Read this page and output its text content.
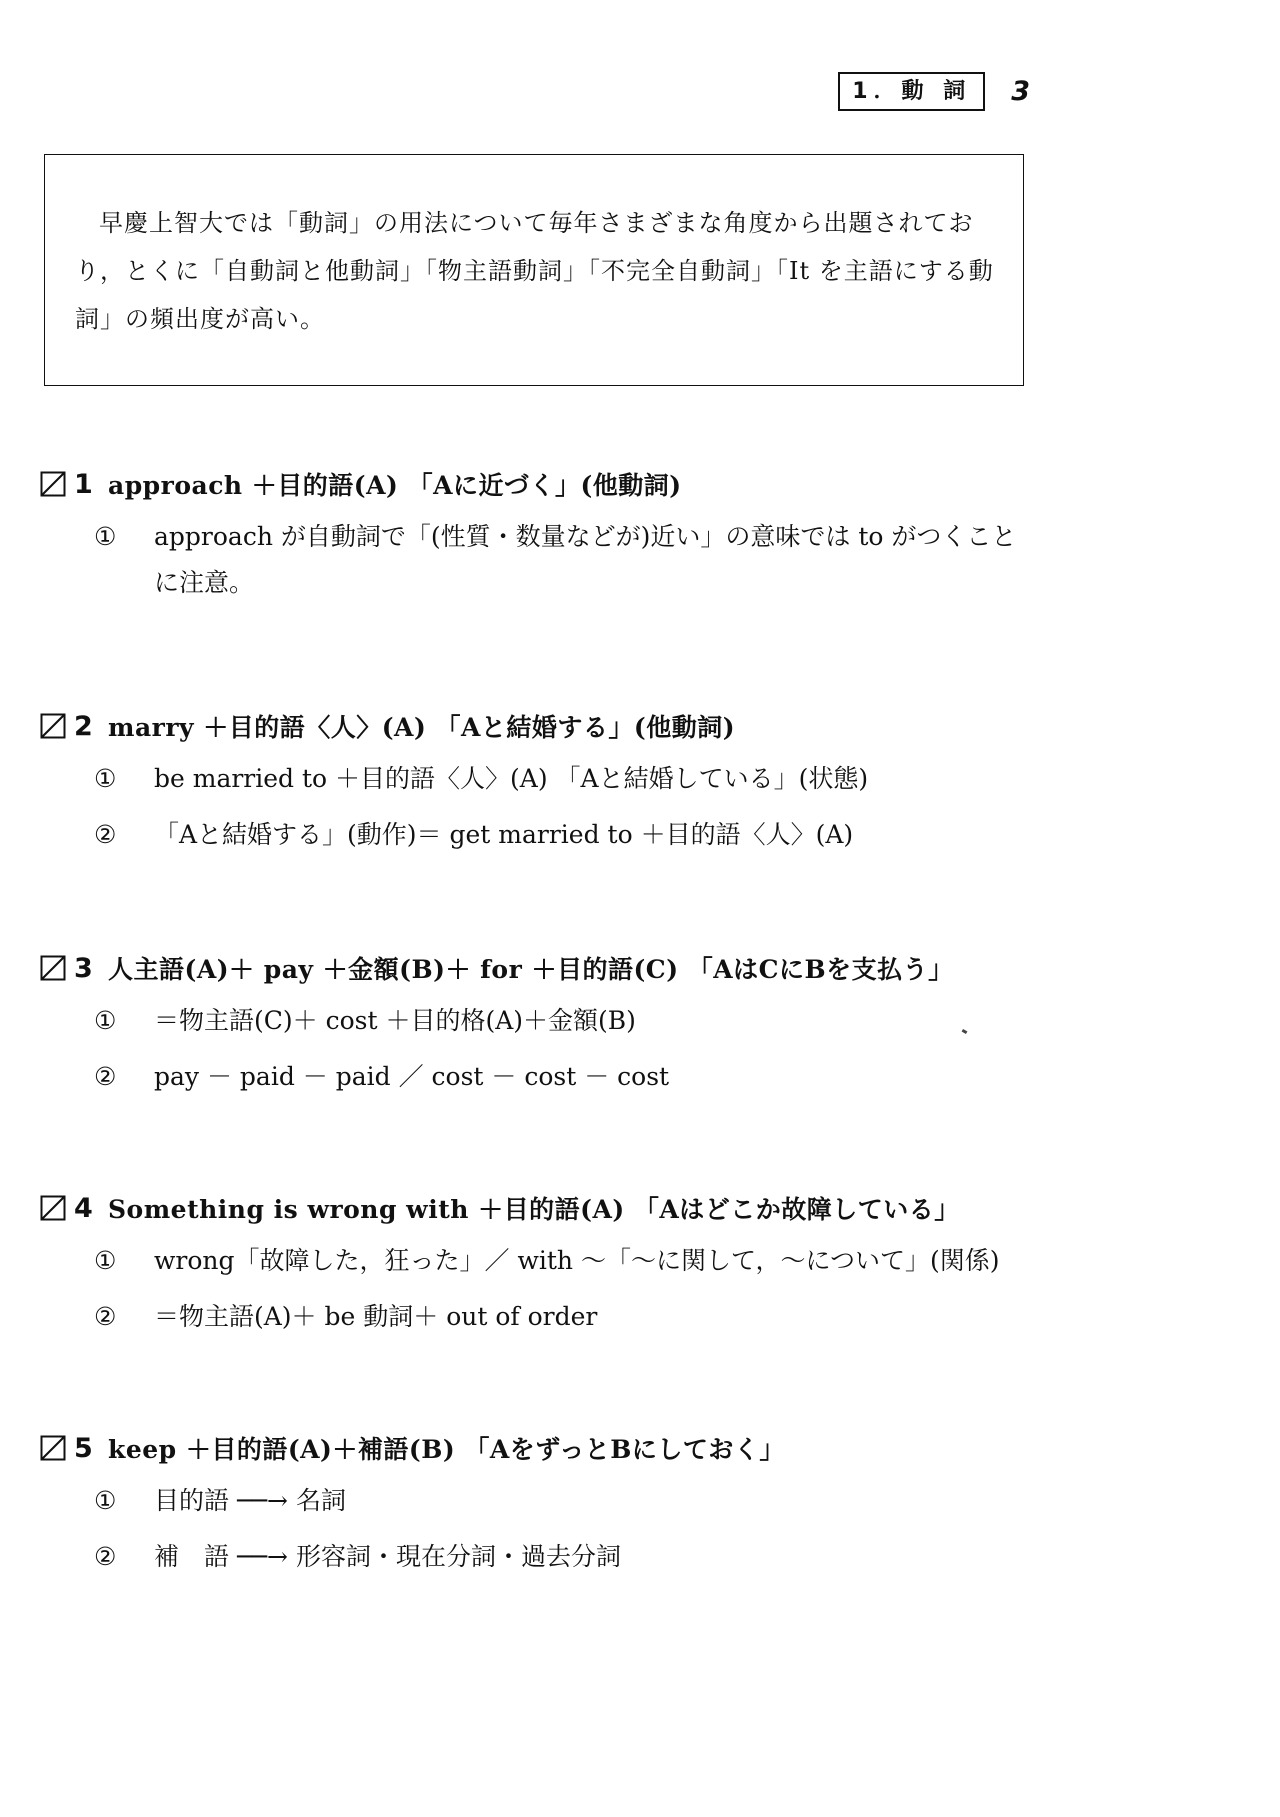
1．動 詞	3

早慶上智大では「動詞」の用法について毎年さまざまな角度から出題されており，とくに「自動詞と他動詞」「物主語動詞」「不完全自動詞」「It を主語にする動詞」の頻出度が高い。

1 approach ＋目的語(A) 「Aに近づく」(他動詞)
①	approach が自動詞で「(性質・数量などが)近い」の意味では to がつくことに注意。
2 marry ＋目的語〈人〉(A) 「Aと結婚する」(他動詞)
①	be married to ＋目的語〈人〉(A) 「Aと結婚している」(状態)
②	「Aと結婚する」(動作)＝ get married to ＋目的語〈人〉(A)
3 人主語(A)＋ pay ＋金額(B)＋ for ＋目的語(C) 「AはCにBを支払う」
①	＝物主語(C)＋ cost ＋目的格(A)＋金額(B)
②	pay － paid － paid ／ cost － cost － cost
4 Something is wrong with ＋目的語(A) 「Aはどこか故障している」
①	wrong「故障した，狂った」／ with ～「～に関して，～について」(関係)
②	＝物主語(A)＋ be 動詞＋ out of order
5 keep ＋目的語(A)＋補語(B) 「AをずっとBにしておく」
①	目的語 ──→ 名詞
②	補　語 ──→ 形容詞・現在分詞・過去分詞
